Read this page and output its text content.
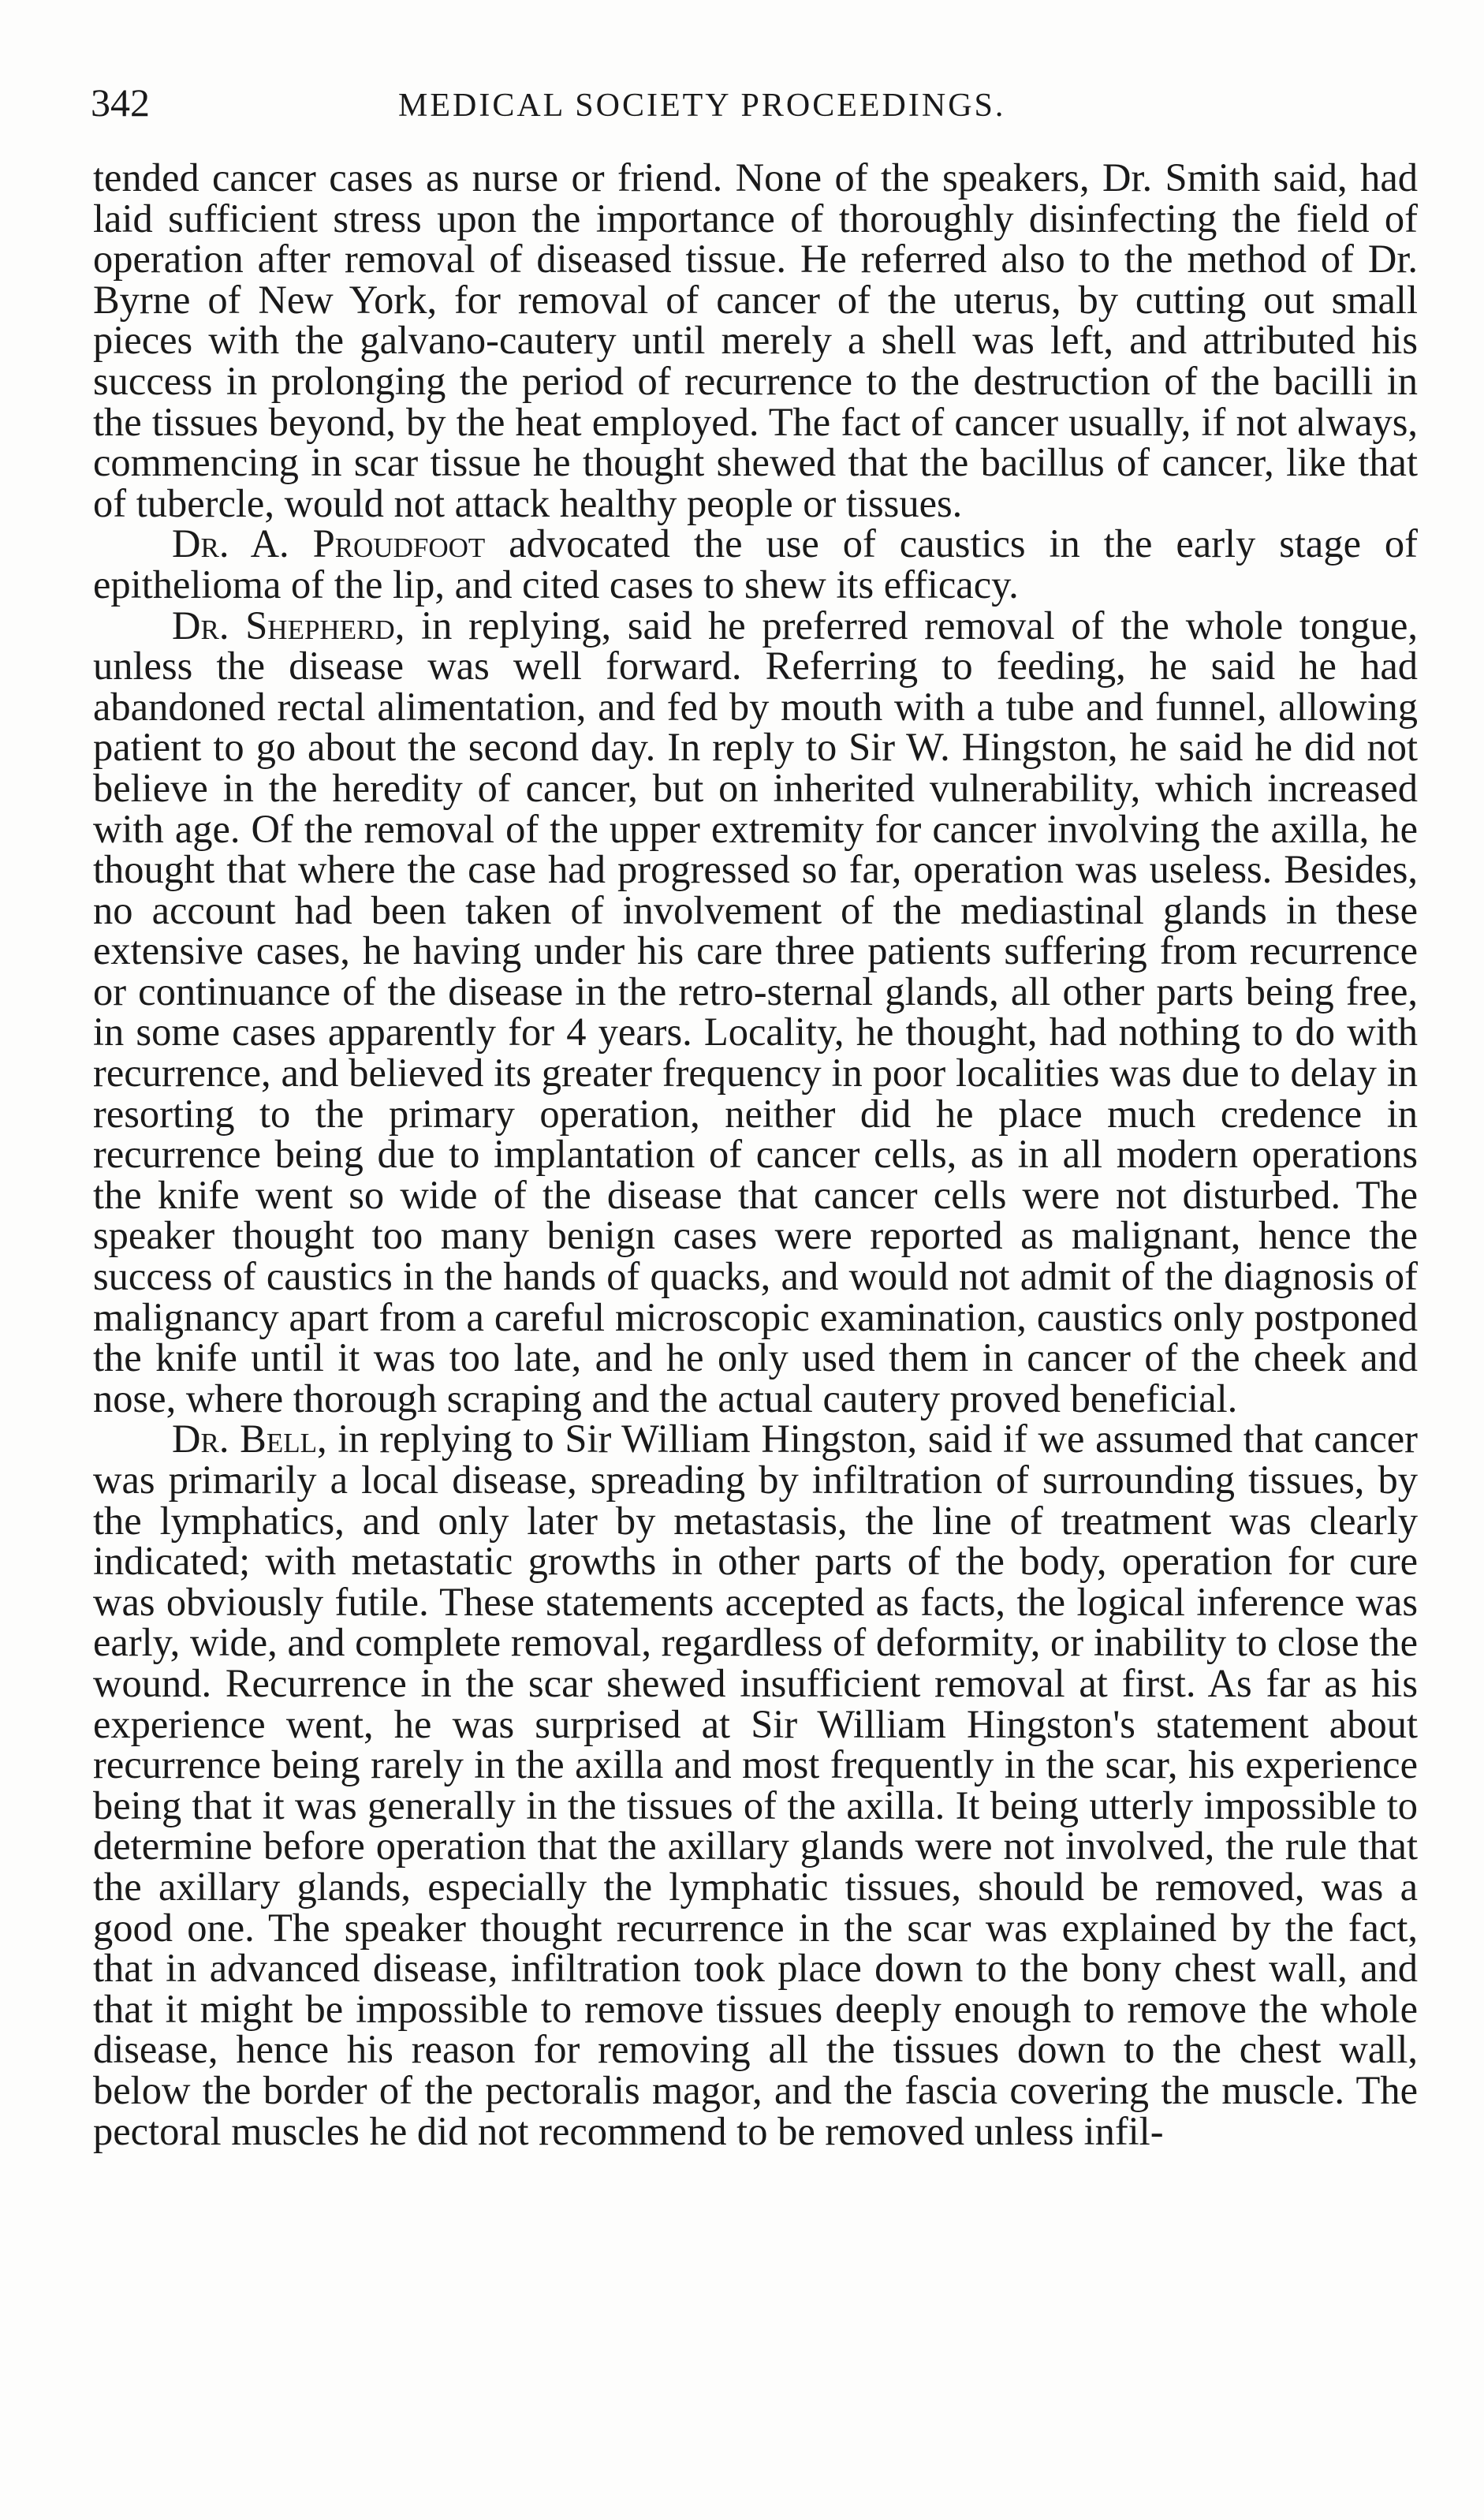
342	MEDICAL SOCIETY PROCEEDINGS.

tended cancer cases as nurse or friend. None of the speakers, Dr. Smith said, had laid sufficient stress upon the importance of thoroughly disinfecting the field of operation after removal of diseased tissue. He referred also to the method of Dr. Byrne of New York, for removal of cancer of the uterus, by cutting out small pieces with the galvano-cautery until merely a shell was left, and attributed his success in prolonging the period of recurrence to the destruction of the bacilli in the tissues beyond, by the heat employed. The fact of cancer usually, if not always, commencing in scar tissue he thought shewed that the bacillus of cancer, like that of tubercle, would not attack healthy people or tissues.

Dr. A. Proudfoot advocated the use of caustics in the early stage of epithelioma of the lip, and cited cases to shew its efficacy.

Dr. Shepherd, in replying, said he preferred removal of the whole tongue, unless the disease was well forward. Referring to feeding, he said he had abandoned rectal alimentation, and fed by mouth with a tube and funnel, allowing patient to go about the second day. In reply to Sir W. Hingston, he said he did not believe in the heredity of cancer, but on inherited vulnerability, which increased with age. Of the removal of the upper extremity for cancer involving the axilla, he thought that where the case had progressed so far, operation was useless. Besides, no account had been taken of involvement of the mediastinal glands in these extensive cases, he having under his care three patients suffering from recurrence or continuance of the disease in the retro-sternal glands, all other parts being free, in some cases apparently for 4 years. Locality, he thought, had nothing to do with recurrence, and believed its greater frequency in poor localities was due to delay in resorting to the primary operation, neither did he place much credence in recurrence being due to implantation of cancer cells, as in all modern operations the knife went so wide of the disease that cancer cells were not disturbed. The speaker thought too many benign cases were reported as malignant, hence the success of caustics in the hands of quacks, and would not admit of the diagnosis of malignancy apart from a careful microscopic examination, caustics only postponed the knife until it was too late, and he only used them in cancer of the cheek and nose, where thorough scraping and the actual cautery proved beneficial.

Dr. Bell, in replying to Sir William Hingston, said if we assumed that cancer was primarily a local disease, spreading by infiltration of surrounding tissues, by the lymphatics, and only later by metastasis, the line of treatment was clearly indicated; with metastatic growths in other parts of the body, operation for cure was obviously futile. These statements accepted as facts, the logical inference was early, wide, and complete removal, regardless of deformity, or inability to close the wound. Recurrence in the scar shewed insufficient removal at first. As far as his experience went, he was surprised at Sir William Hingston's statement about recurrence being rarely in the axilla and most frequently in the scar, his experience being that it was generally in the tissues of the axilla. It being utterly impossible to determine before operation that the axillary glands were not involved, the rule that the axillary glands, especially the lymphatic tissues, should be removed, was a good one. The speaker thought recurrence in the scar was explained by the fact, that in advanced disease, infiltration took place down to the bony chest wall, and that it might be impossible to remove tissues deeply enough to remove the whole disease, hence his reason for removing all the tissues down to the chest wall, below the border of the pectoralis magor, and the fascia covering the muscle. The pectoral muscles he did not recommend to be removed unless infil-
